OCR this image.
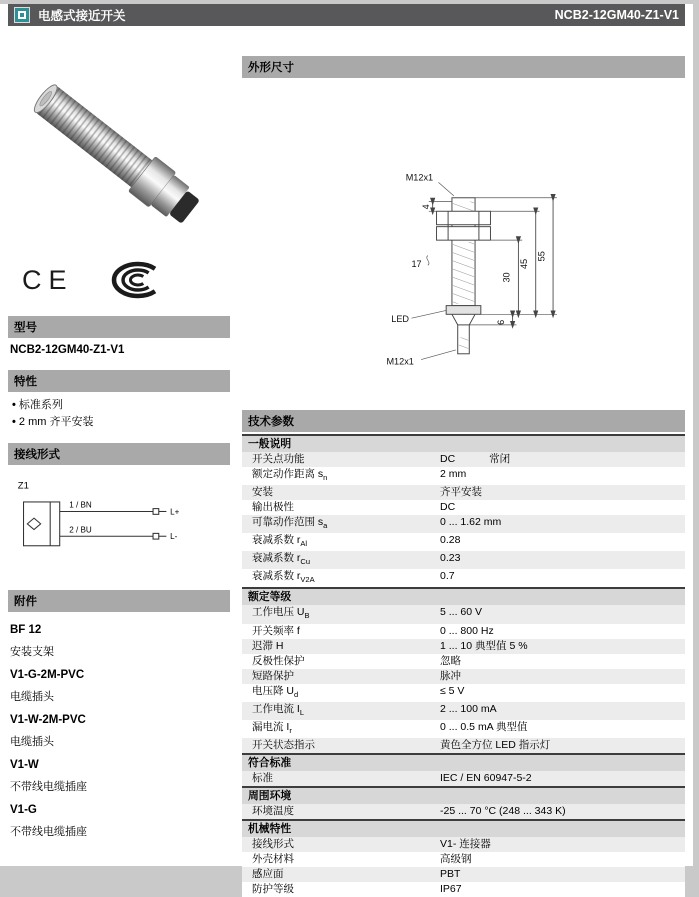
电感式接近开关	NCB2-12GM40-Z1-V1
CE
型号
NCB2-12GM40-Z1-V1
特性
• 标准系列
• 2 mm 齐平安装
接线形式
Z1
1 / BN
2 / BU
L+
L-
附件
BF 12
安装支架
V1-G-2M-PVC
电缆插头
V1-W-2M-PVC
电缆插头
V1-W
不带线电缆插座
V1-G
不带线电缆插座
外形尺寸
M12x1
17
4
30
45
55
6
LED
M12x1
技术参数
一般说明
开关点功能	DC	常闭
额定动作距离 $s_n$	2 mm
安装	齐平安装
输出极性	DC
可靠动作范围 $s_a$	0 ... 1.62 mm
衰减系数 $r_{Al}$	0.28
衰减系数 $r_{Cu}$	0.23
衰减系数 $r_{V2A}$	0.7
额定等级
工作电压 $U_B$	5 ... 60 V
开关频率 f	0 ... 800 Hz
迟滞 H	1 ... 10 典型值 5 %
反极性保护	忽略
短路保护	脉冲
电压降 $U_d$	≤ 5 V
工作电流 $I_L$	2 ... 100 mA
漏电流 $I_r$	0 ... 0.5 mA 典型值
开关状态指示	黄色全方位 LED 指示灯
符合标准
标准	IEC / EN 60947-5-2
周围环境
环境温度	-25 ... 70 °C (248 ... 343 K)
机械特性
接线形式	V1- 连接器
外壳材料	高级钢
感应面	PBT
防护等级	IP67
